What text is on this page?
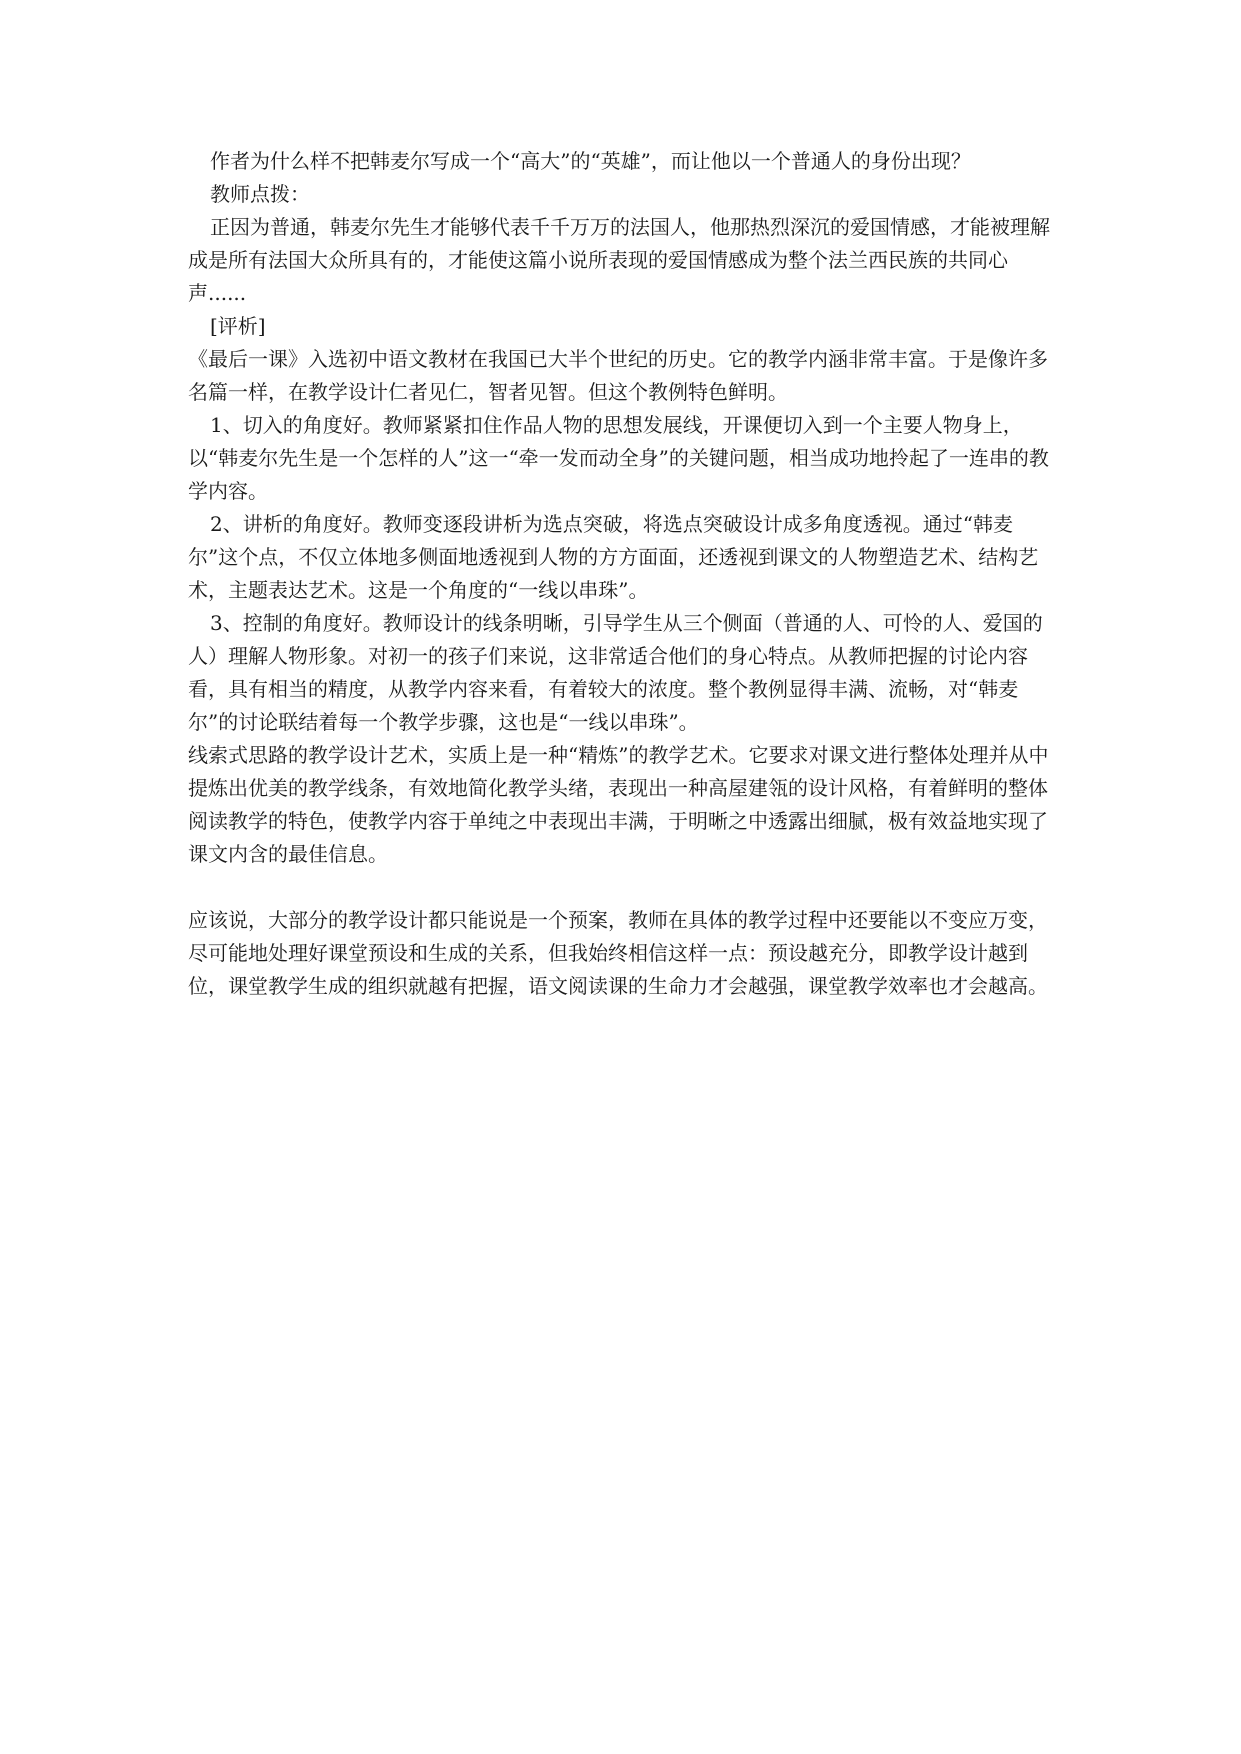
作者为什么样不把韩麦尔写成一个“高大”的“英雄”，而让他以一个普通人的身份出现？

教师点拨：

正因为普通，韩麦尔先生才能够代表千千万万的法国人，他那热烈深沉的爱国情感，才能被理解成是所有法国大众所具有的，才能使这篇小说所表现的爱国情感成为整个法兰西民族的共同心声......

[评析]

《最后一课》入选初中语文教材在我国已大半个世纪的历史。它的教学内涵非常丰富。于是像许多名篇一样，在教学设计仁者见仁，智者见智。但这个教例特色鲜明。

1、切入的角度好。教师紧紧扣住作品人物的思想发展线，开课便切入到一个主要人物身上，以“韩麦尔先生是一个怎样的人”这一“牵一发而动全身”的关键问题，相当成功地拎起了一连串的教学内容。

2、讲析的角度好。教师变逐段讲析为选点突破，将选点突破设计成多角度透视。通过“韩麦尔”这个点，不仅立体地多侧面地透视到人物的方方面面，还透视到课文的人物塑造艺术、结构艺术，主题表达艺术。这是一个角度的“一线以串珠”。

3、控制的角度好。教师设计的线条明晰，引导学生从三个侧面（普通的人、可怜的人、爱国的人）理解人物形象。对初一的孩子们来说，这非常适合他们的身心特点。从教师把握的讨论内容看，具有相当的精度，从教学内容来看，有着较大的浓度。整个教例显得丰满、流畅，对“韩麦尔”的讨论联结着每一个教学步骤，这也是“一线以串珠”。

线索式思路的教学设计艺术，实质上是一种“精炼”的教学艺术。它要求对课文进行整体处理并从中提炼出优美的教学线条，有效地简化教学头绪，表现出一种高屋建瓴的设计风格，有着鲜明的整体阅读教学的特色，使教学内容于单纯之中表现出丰满，于明晰之中透露出细腻，极有效益地实现了课文内含的最佳信息。

应该说，大部分的教学设计都只能说是一个预案，教师在具体的教学过程中还要能以不变应万变，尽可能地处理好课堂预设和生成的关系，但我始终相信这样一点：预设越充分，即教学设计越到位，课堂教学生成的组织就越有把握，语文阅读课的生命力才会越强，课堂教学效率也才会越高。
